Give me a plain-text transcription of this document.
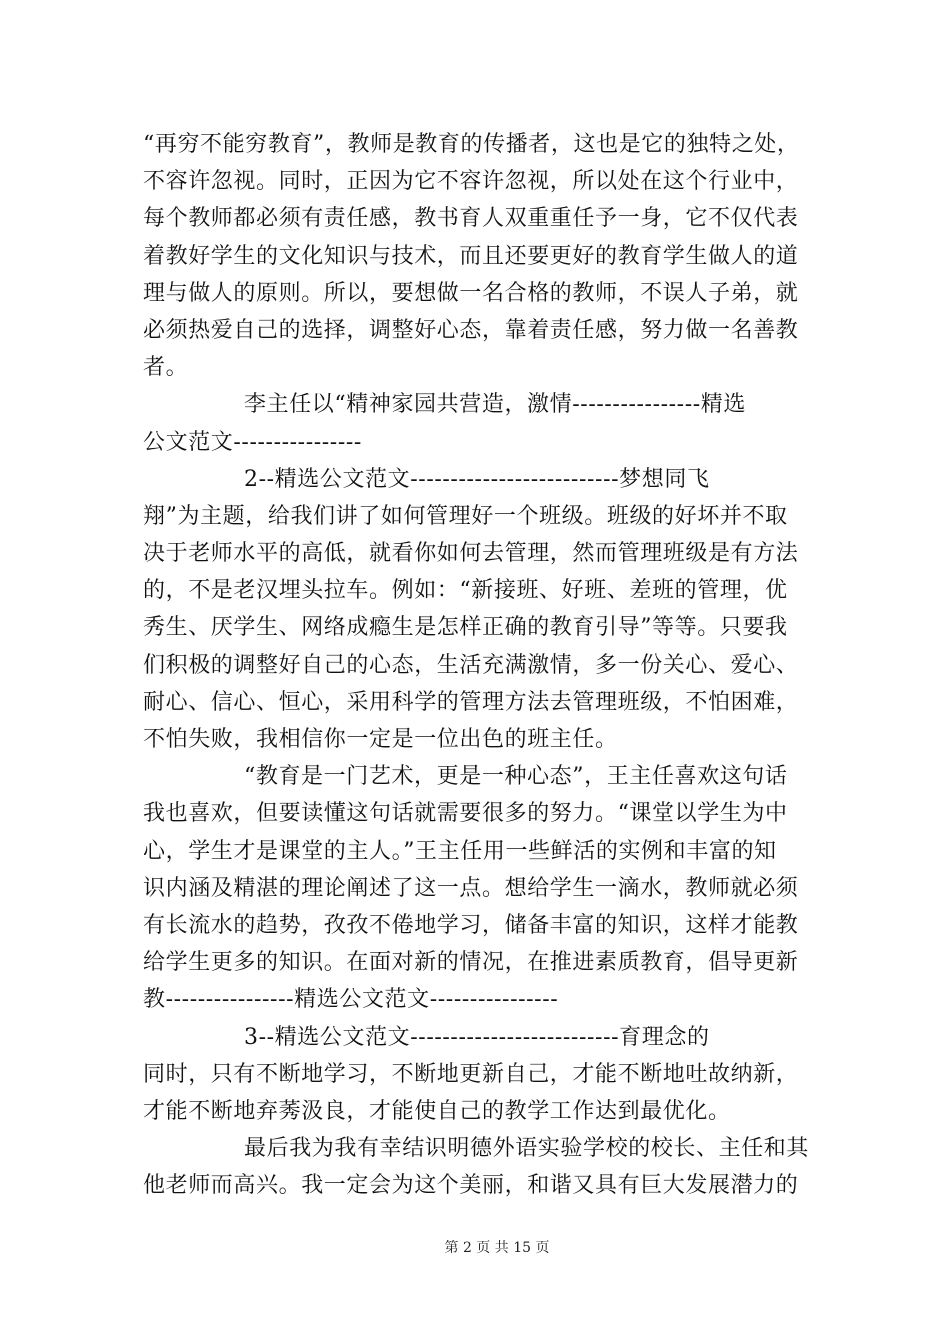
“再穷不能穷教育”，教师是教育的传播者，这也是它的独特之处，
不容许忽视。同时，正因为它不容许忽视，所以处在这个行业中，
每个教师都必须有责任感，教书育人双重重任予一身，它不仅代表
着教好学生的文化知识与技术，而且还要更好的教育学生做人的道
理与做人的原则。所以，要想做一名合格的教师，不误人子弟，就
必须热爱自己的选择，调整好心态，靠着责任感，努力做一名善教
者。
李主任以“精神家园共营造，激情----------------精选
公文范文----------------
2--精选公文范文--------------------------梦想同飞
翔”为主题，给我们讲了如何管理好一个班级。班级的好坏并不取
决于老师水平的高低，就看你如何去管理，然而管理班级是有方法
的，不是老汉埋头拉车。例如：“新接班、好班、差班的管理，优
秀生、厌学生、网络成瘾生是怎样正确的教育引导”等等。只要我
们积极的调整好自己的心态，生活充满激情，多一份关心、爱心、
耐心、信心、恒心，采用科学的管理方法去管理班级，不怕困难，
不怕失败，我相信你一定是一位出色的班主任。
“教育是一门艺术，更是一种心态”，王主任喜欢这句话
我也喜欢，但要读懂这句话就需要很多的努力。“课堂以学生为中
心，学生才是课堂的主人。”王主任用一些鲜活的实例和丰富的知
识内涵及精湛的理论阐述了这一点。想给学生一滴水，教师就必须
有长流水的趋势，孜孜不倦地学习，储备丰富的知识，这样才能教
给学生更多的知识。在面对新的情况，在推进素质教育，倡导更新
教----------------精选公文范文----------------
3--精选公文范文--------------------------育理念的
同时，只有不断地学习，不断地更新自己，才能不断地吐故纳新，
才能不断地弃莠汲良，才能使自己的教学工作达到最优化。
最后我为我有幸结识明德外语实验学校的校长、主任和其
他老师而高兴。我一定会为这个美丽，和谐又具有巨大发展潜力的
第 2 页 共 15 页
